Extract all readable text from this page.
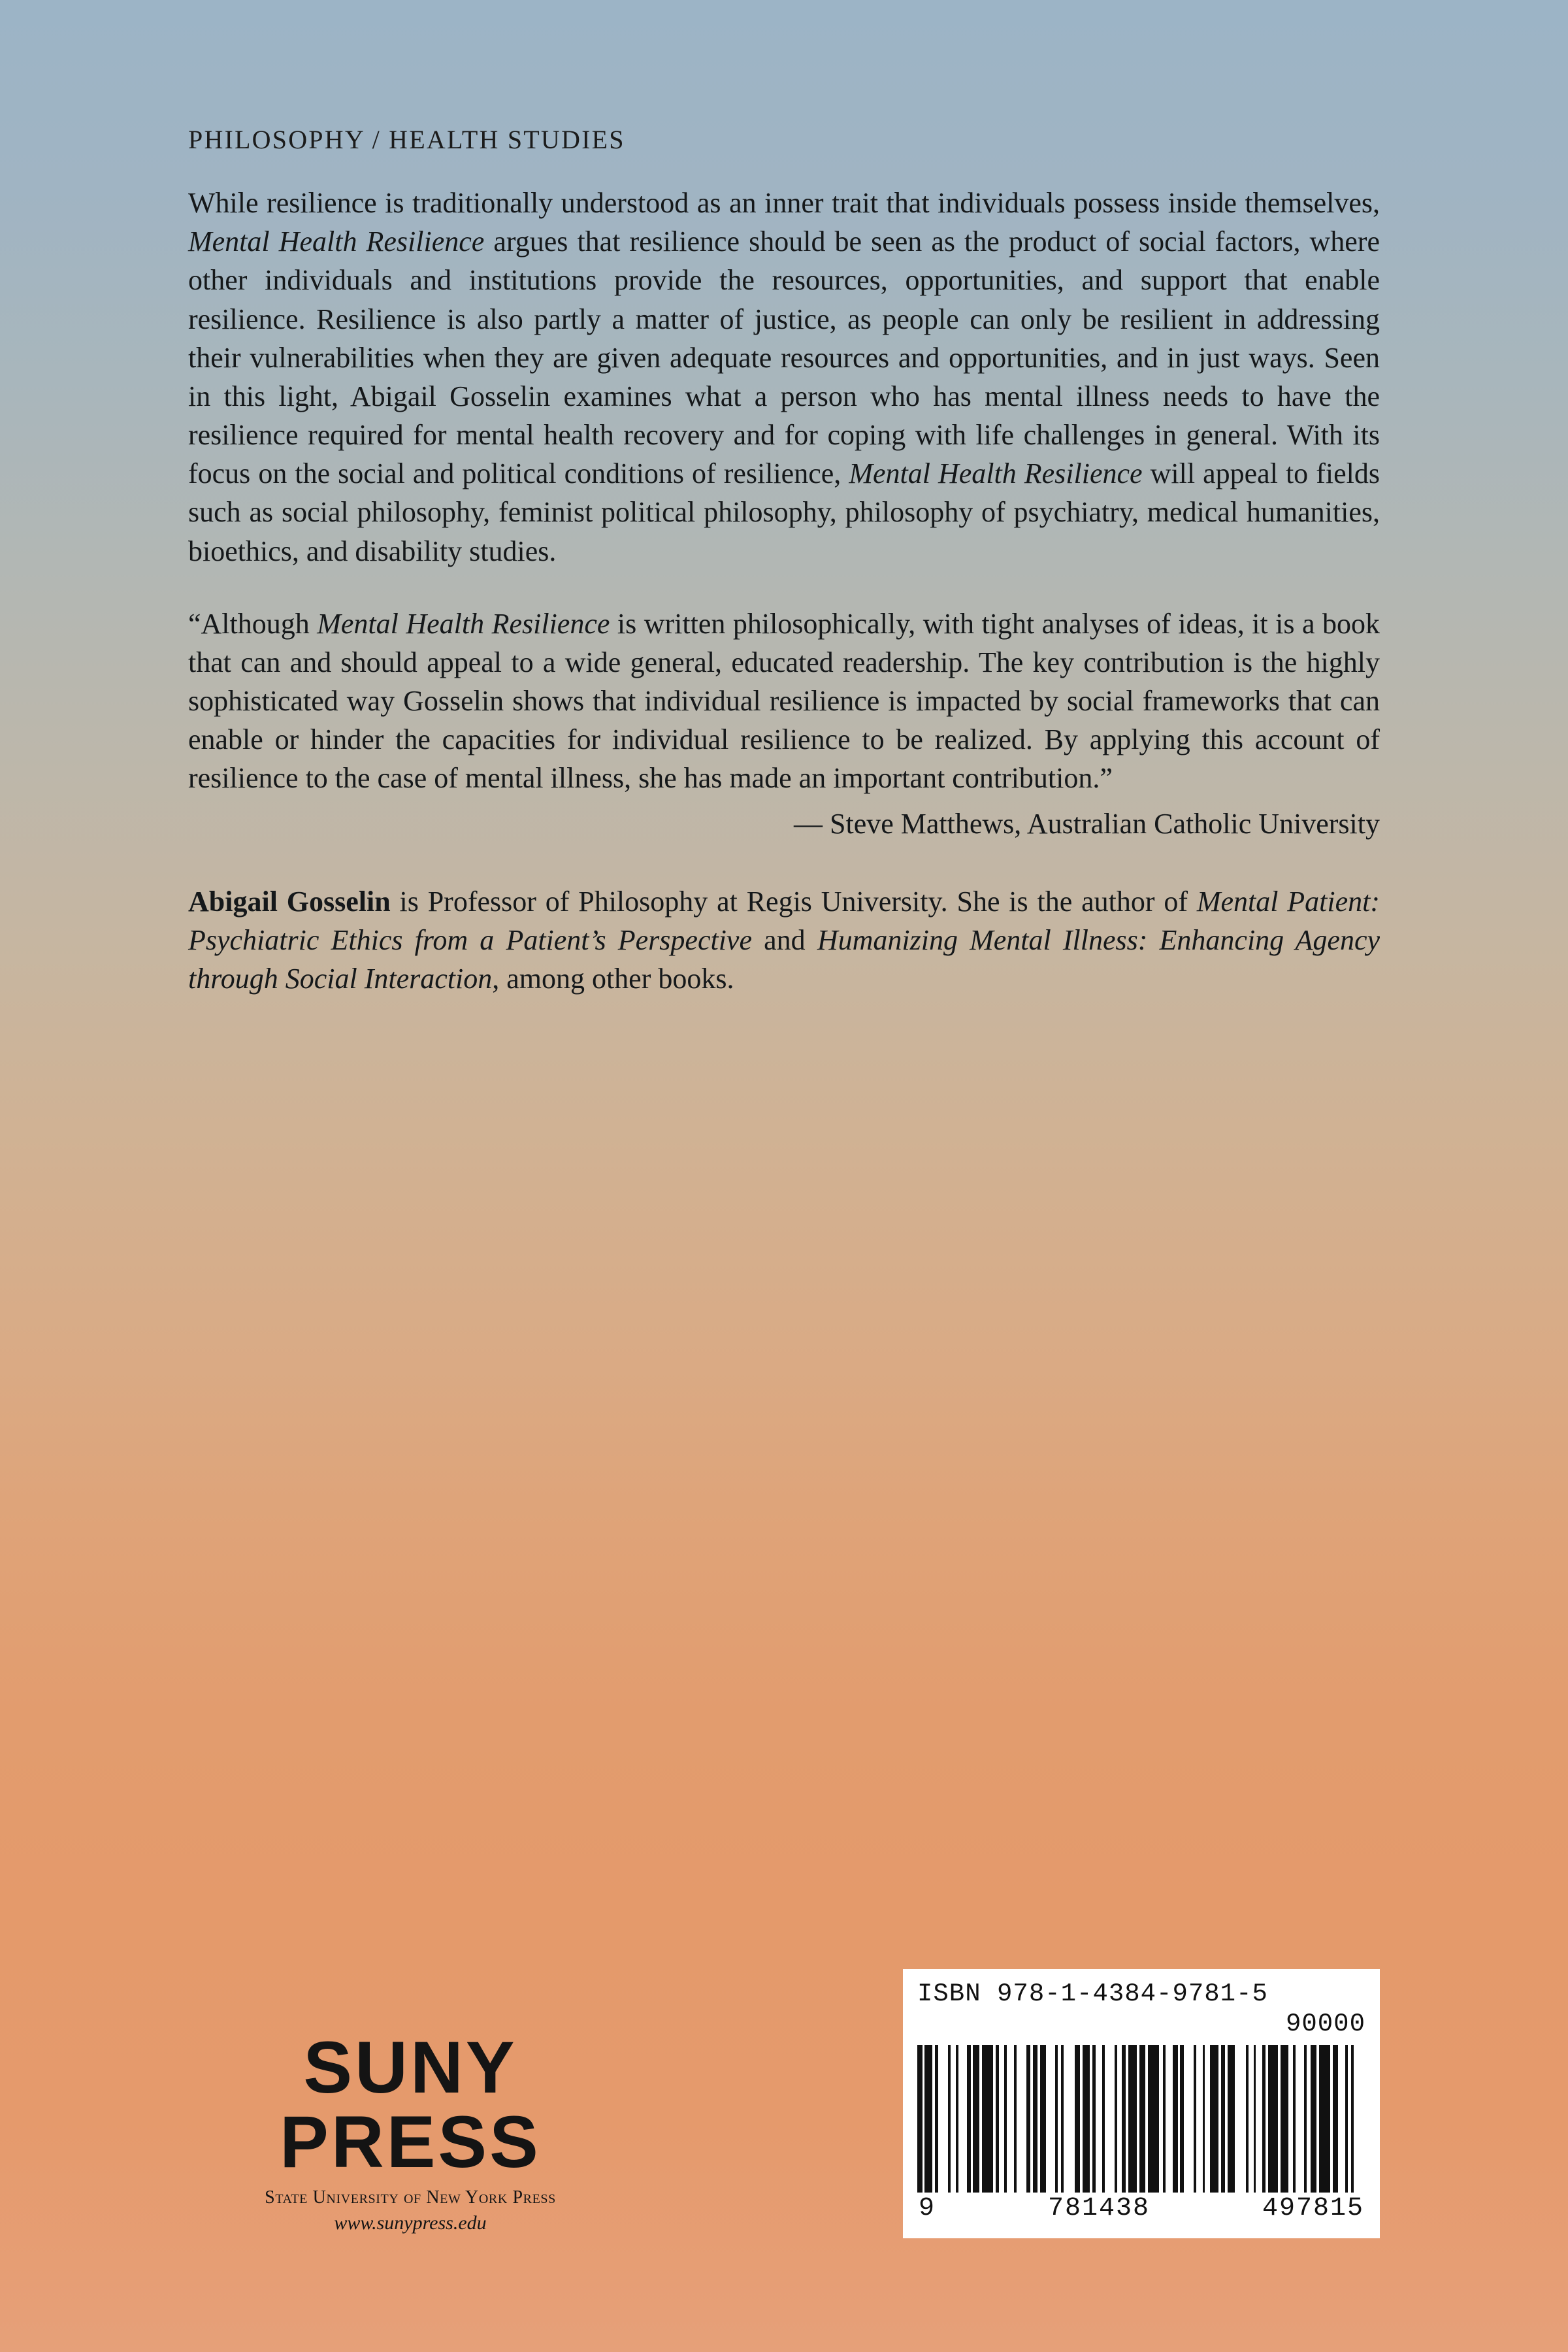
PHILOSOPHY / HEALTH STUDIES

While resilience is traditionally understood as an inner trait that individuals possess inside themselves, Mental Health Resilience argues that resilience should be seen as the product of social factors, where other individuals and institutions provide the resources, opportunities, and support that enable resilience. Resilience is also partly a matter of justice, as people can only be resilient in addressing their vulnerabilities when they are given adequate resources and opportunities, and in just ways. Seen in this light, Abigail Gosselin examines what a person who has mental illness needs to have the resilience required for mental health recovery and for coping with life challenges in general. With its focus on the social and political conditions of resilience, Mental Health Resilience will appeal to fields such as social philosophy, feminist political philosophy, philosophy of psychiatry, medical humanities, bioethics, and disability studies.

“Although Mental Health Resilience is written philosophically, with tight analyses of ideas, it is a book that can and should appeal to a wide general, educated readership. The key contribution is the highly sophisticated way Gosselin shows that individual resilience is impacted by social frameworks that can enable or hinder the capacities for individual resilience to be realized. By applying this account of resilience to the case of mental illness, she has made an important contribution.”

— Steve Matthews, Australian Catholic University

Abigail Gosselin is Professor of Philosophy at Regis University. She is the author of Mental Patient: Psychiatric Ethics from a Patient’s Perspective and Humanizing Mental Illness: Enhancing Agency through Social Interaction, among other books.

SUNY
PRESS
State University of New York Press
www.sunypress.edu
ISBN 978-1-4384-9781-5
90000
9	781438	497815
